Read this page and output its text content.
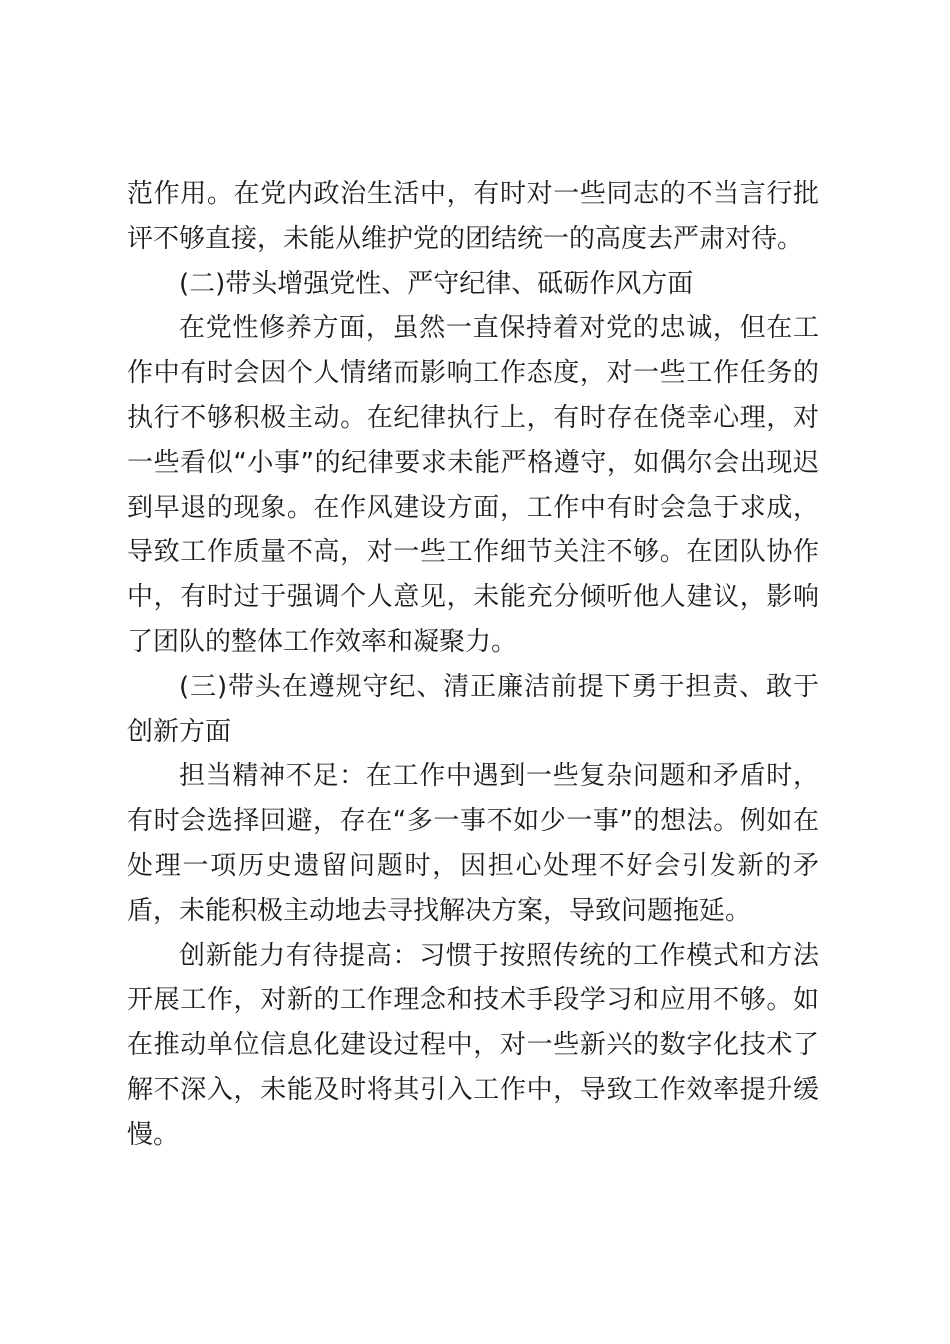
范作用。在党内政治生活中，有时对一些同志的不当言行批评不够直接，未能从维护党的团结统一的高度去严肃对待。

(二)带头增强党性、严守纪律、砥砺作风方面

在党性修养方面，虽然一直保持着对党的忠诚，但在工作中有时会因个人情绪而影响工作态度，对一些工作任务的执行不够积极主动。在纪律执行上，有时存在侥幸心理，对一些看似“小事”的纪律要求未能严格遵守，如偶尔会出现迟到早退的现象。在作风建设方面，工作中有时会急于求成，导致工作质量不高，对一些工作细节关注不够。在团队协作中，有时过于强调个人意见，未能充分倾听他人建议，影响了团队的整体工作效率和凝聚力。

(三)带头在遵规守纪、清正廉洁前提下勇于担责、敢于创新方面

担当精神不足：在工作中遇到一些复杂问题和矛盾时，有时会选择回避，存在“多一事不如少一事”的想法。例如在处理一项历史遗留问题时，因担心处理不好会引发新的矛盾，未能积极主动地去寻找解决方案，导致问题拖延。

创新能力有待提高：习惯于按照传统的工作模式和方法开展工作，对新的工作理念和技术手段学习和应用不够。如在推动单位信息化建设过程中，对一些新兴的数字化技术了解不深入，未能及时将其引入工作中，导致工作效率提升缓慢。
